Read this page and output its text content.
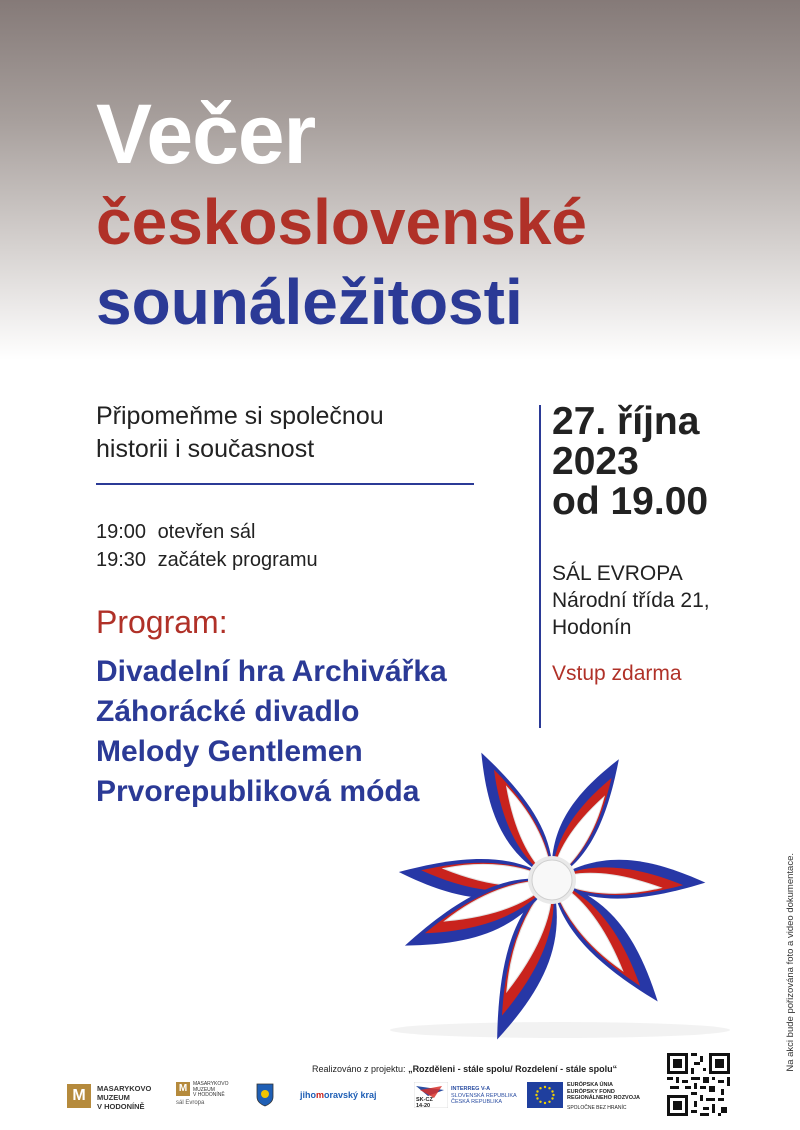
Večer
československé
sounáležitosti
Připomeňme si společnou
historii i současnost
19:00 otevřen sál
19:30 začátek programu
Program:
Divadelní hra Archivářka
Záhorácké divadlo
Melody Gentlemen
Prvorepubliková móda
27. října
2023
od 19.00
SÁL EVROPA
Národní třída 21,
Hodonín
Vstup zdarma
Na akci bude pořizována foto a video dokumentace.
Realizováno z projektu: „Rozděleni - stále spolu/ Rozdelení - stále spolu“
M	MASARYKOVO
MUZEUM
V HODONÍNĚ
M	MASARYKOVO
MUZEUM
V HODONÍNĚ
sál Evropa
jihomoravský kraj	SK-CZ
14-20
INTERREG V-A
SLOVENSKÁ REPUBLIKA
ČESKÁ REPUBLIKA
EURÓPSKA ÚNIA
EURÓPSKY FOND
REGIONÁLNEHO ROZVOJA
SPOLOČNE BEZ HRANÍC
